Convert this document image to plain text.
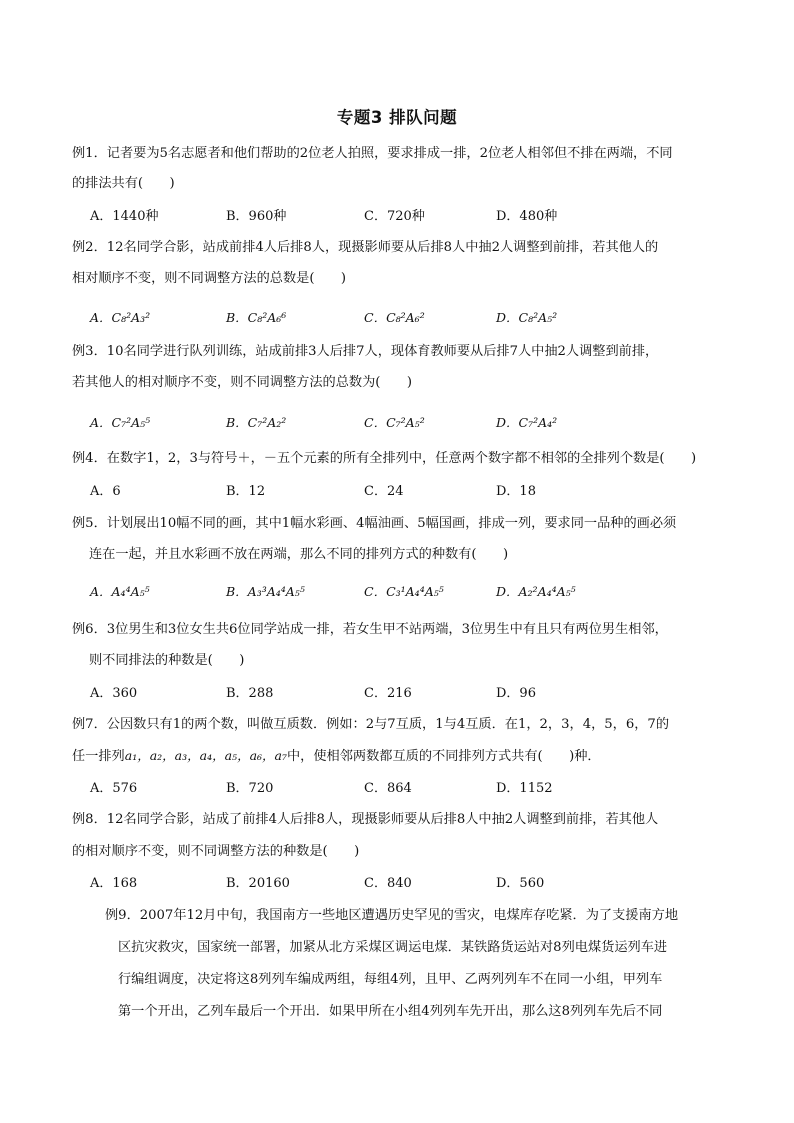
专题3 排队问题
例1．记者要为5名志愿者和他们帮助的2位老人拍照，要求排成一排，2位老人相邻但不排在两端，不同
的排法共有(　　)
A．1440种	B．960种	C．720种	D．480种
例2．12名同学合影，站成前排4人后排8人，现摄影师要从后排8人中抽2人调整到前排，若其他人的
相对顺序不变，则不同调整方法的总数是(　　)
A．C₈²A₃²	B．C₈²A₆⁶	C．C₈²A₆²	D．C₈²A₅²
例3．10名同学进行队列训练，站成前排3人后排7人，现体育教师要从后排7人中抽2人调整到前排，
若其他人的相对顺序不变，则不同调整方法的总数为(　　)
A．C₇²A₅⁵	B．C₇²A₂²	C．C₇²A₅²	D．C₇²A₄²
例4．在数字1，2，3与符号＋，－五个元素的所有全排列中，任意两个数字都不相邻的全排列个数是(　　)
A．6	B．12	C．24	D．18
例5．计划展出10幅不同的画，其中1幅水彩画、4幅油画、5幅国画，排成一列，要求同一品种的画必须
连在一起，并且水彩画不放在两端，那么不同的排列方式的种数有(　　)
A．A₄⁴A₅⁵	B．A₃³A₄⁴A₅⁵	C．C₃¹A₄⁴A₅⁵	D．A₂²A₄⁴A₅⁵
例6．3位男生和3位女生共6位同学站成一排，若女生甲不站两端，3位男生中有且只有两位男生相邻，
则不同排法的种数是(　　)
A．360	B．288	C．216	D．96
例7．公因数只有1的两个数，叫做互质数．例如：2与7互质，1与4互质．在1，2，3，4，5，6，7的
任一排列a₁，a₂，a₃，a₄，a₅，a₆，a₇中，使相邻两数都互质的不同排列方式共有(　　)种．
A．576	B．720	C．864	D．1152
例8．12名同学合影，站成了前排4人后排8人，现摄影师要从后排8人中抽2人调整到前排，若其他人
的相对顺序不变，则不同调整方法的种数是(　　)
A．168	B．20160	C．840	D．560
例9．2007年12月中旬，我国南方一些地区遭遇历史罕见的雪灾，电煤库存吃紧．为了支援南方地
区抗灾救灾，国家统一部署，加紧从北方采煤区调运电煤．某铁路货运站对8列电煤货运列车进
行编组调度，决定将这8列列车编成两组，每组4列，且甲、乙两列列车不在同一小组，甲列车
第一个开出，乙列车最后一个开出．如果甲所在小组4列列车先开出，那么这8列列车先后不同
